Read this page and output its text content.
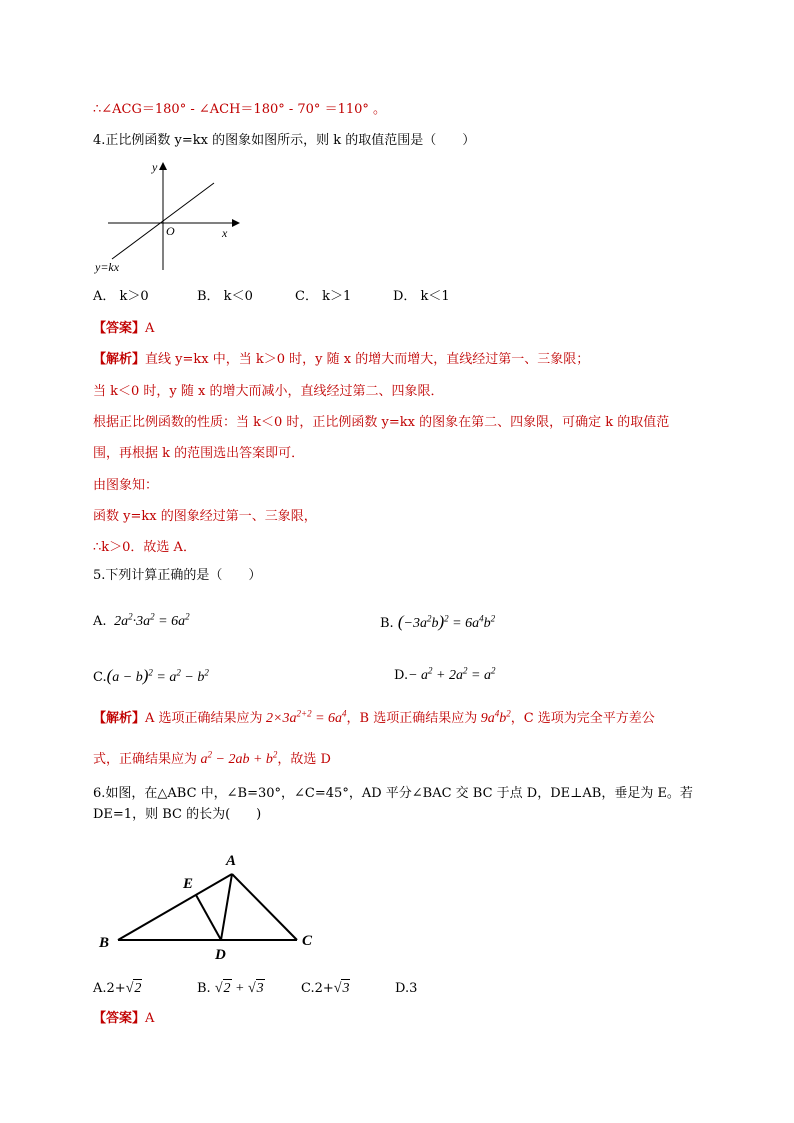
∴∠ACG＝180° - ∠ACH＝180° - 70° ＝110° 。
4.正比例函数 y=kx 的图象如图所示，则 k 的取值范围是（　　）
y
x
O
y=kx
A． k＞0	B． k＜0	C． k＞1	D． k＜1
【答案】A
【解析】直线 y=kx 中，当 k＞0 时，y 随 x 的增大而增大，直线经过第一、三象限；
当 k＜0 时，y 随 x 的增大而减小，直线经过第二、四象限．
根据正比例函数的性质：当 k＜0 时，正比例函数 y=kx 的图象在第二、四象限，可确定 k 的取值范
围，再根据 k 的范围选出答案即可．
由图象知：
函数 y=kx 的图象经过第一、三象限，
∴k＞0．故选 A．
5.下列计算正确的是（　　）
A.  $2a^2\cdot 3a^2 = 6a^2$	B. $(-3a^2b)^2 = 6a^4b^2$
$C.(a - b)^2 = a^2 - b^2$	$D.- a^2 + 2a^2 = a^2$
【解析】A 选项正确结果应为 $2\times 3a^{2+2} = 6a^4$，B 选项正确结果应为 $9a^4b^2$，C 选项为完全平方差公
式，正确结果应为 $a^2 - 2ab + b^2$，故选 D
6.如图，在△ABC 中，∠B=30°，∠C=45°，AD 平分∠BAC 交 BC 于点 D，DE⊥AB，垂足为 E。若
DE=1，则 BC 的长为(　　)
A
E
B
D
C
A.2+√2	B. √2 + √3	C.2+√3	D.3
【答案】A
